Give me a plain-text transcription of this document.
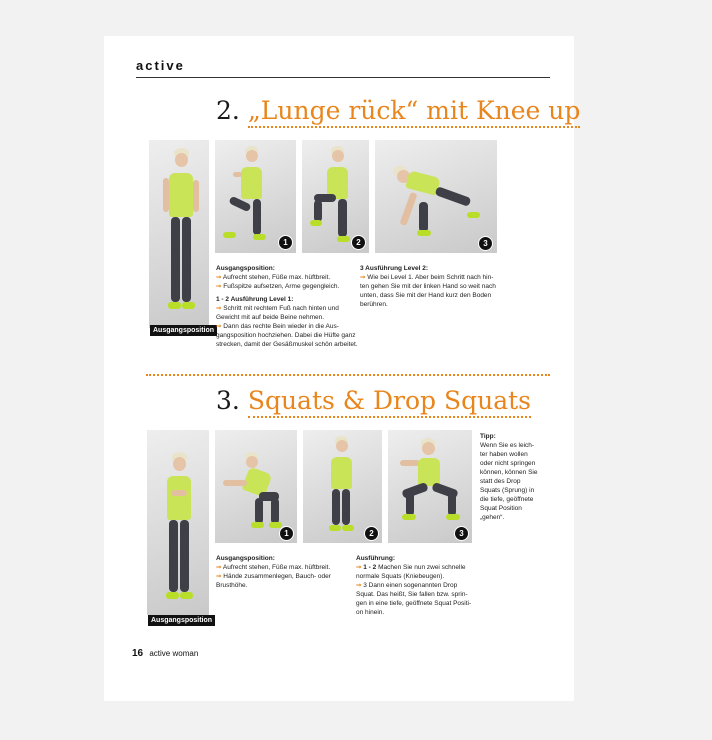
active
2. „Lunge rück“ mit Knee up
Ausgangsposition
1	2	3
Ausgangsposition:
➞ Aufrecht stehen, Füße max. hüftbreit.
➞ Fußspitze aufsetzen, Arme gegengleich.
1 - 2 Ausführung Level 1:
➞ Schritt mit rechtem Fuß nach hinten und
Gewicht mit auf beide Beine nehmen.
➞ Dann das rechte Bein wieder in die Aus-
gangsposition hochziehen. Dabei die Hüfte ganz
strecken, damit der Gesäßmuskel schön arbeitet.
3 Ausführung Level 2:
➞ Wie bei Level 1. Aber beim Schritt nach hin-
ten gehen Sie mit der linken Hand so weit nach
unten, dass Sie mit der Hand kurz den Boden
berühren.
3. Squats & Drop Squats
Ausgangsposition
1	2	3
Tipp:
Wenn Sie es leich-
ter haben wollen
oder nicht springen
können, können Sie
statt des Drop
Squats (Sprung) in
die tiefe, geöffnete
Squat Position
„gehen“.
Ausgangsposition:
➞ Aufrecht stehen, Füße max. hüftbreit.
➞ Hände zusammenlegen, Bauch- oder
Brusthöhe.
Ausführung:
➞ 1 - 2 Machen Sie nun zwei schnelle
normale Squats (Kniebeugen).
➞ 3 Dann einen sogenannten Drop
Squat. Das heißt, Sie fallen bzw. sprin-
gen in eine tiefe, geöffnete Squat Positi-
on hinein.
16 active woman
